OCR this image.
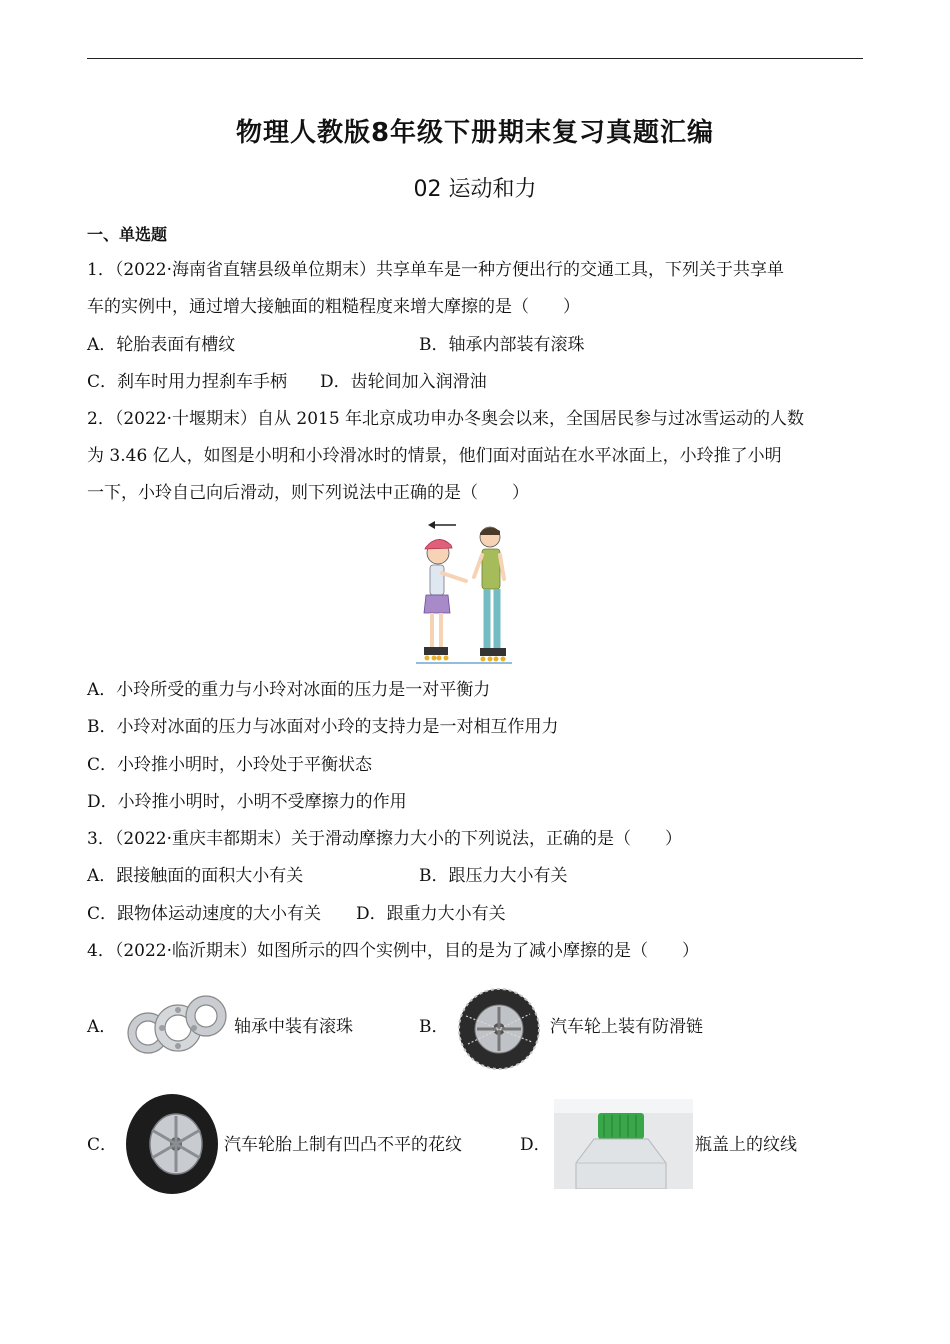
物理人教版8年级下册期末复习真题汇编
02 运动和力
一、单选题
1．（2022·海南省直辖县级单位期末）共享单车是一种方便出行的交通工具，下列关于共享单
车的实例中，通过增大接触面的粗糙程度来增大摩擦的是（　　）
A．轮胎表面有槽纹	B．轴承内部装有滚珠
C．刹车时用力捏刹车手柄 D．齿轮间加入润滑油
2．（2022·十堰期末）自从 2015 年北京成功申办冬奥会以来，全国居民参与过冰雪运动的人数
为 3.46 亿人，如图是小明和小玲滑冰时的情景，他们面对面站在水平冰面上，小玲推了小明
一下，小玲自己向后滑动，则下列说法中正确的是（　　）
A．小玲所受的重力与小玲对冰面的压力是一对平衡力
B．小玲对冰面的压力与冰面对小玲的支持力是一对相互作用力
C．小玲推小明时，小玲处于平衡状态
D．小玲推小明时，小明不受摩擦力的作用
3．（2022·重庆丰都期末）关于滑动摩擦力大小的下列说法，正确的是（　　）
A．跟接触面的面积大小有关	B．跟压力大小有关
C．跟物体运动速度的大小有关 D．跟重力大小有关
4．（2022·临沂期末）如图所示的四个实例中，目的是为了减小摩擦的是（　　）
A．	轴承中装有滚珠	B．	汽车轮上装有防滑链
C．	汽车轮胎上制有凹凸不平的花纹	D．	瓶盖上的纹线
